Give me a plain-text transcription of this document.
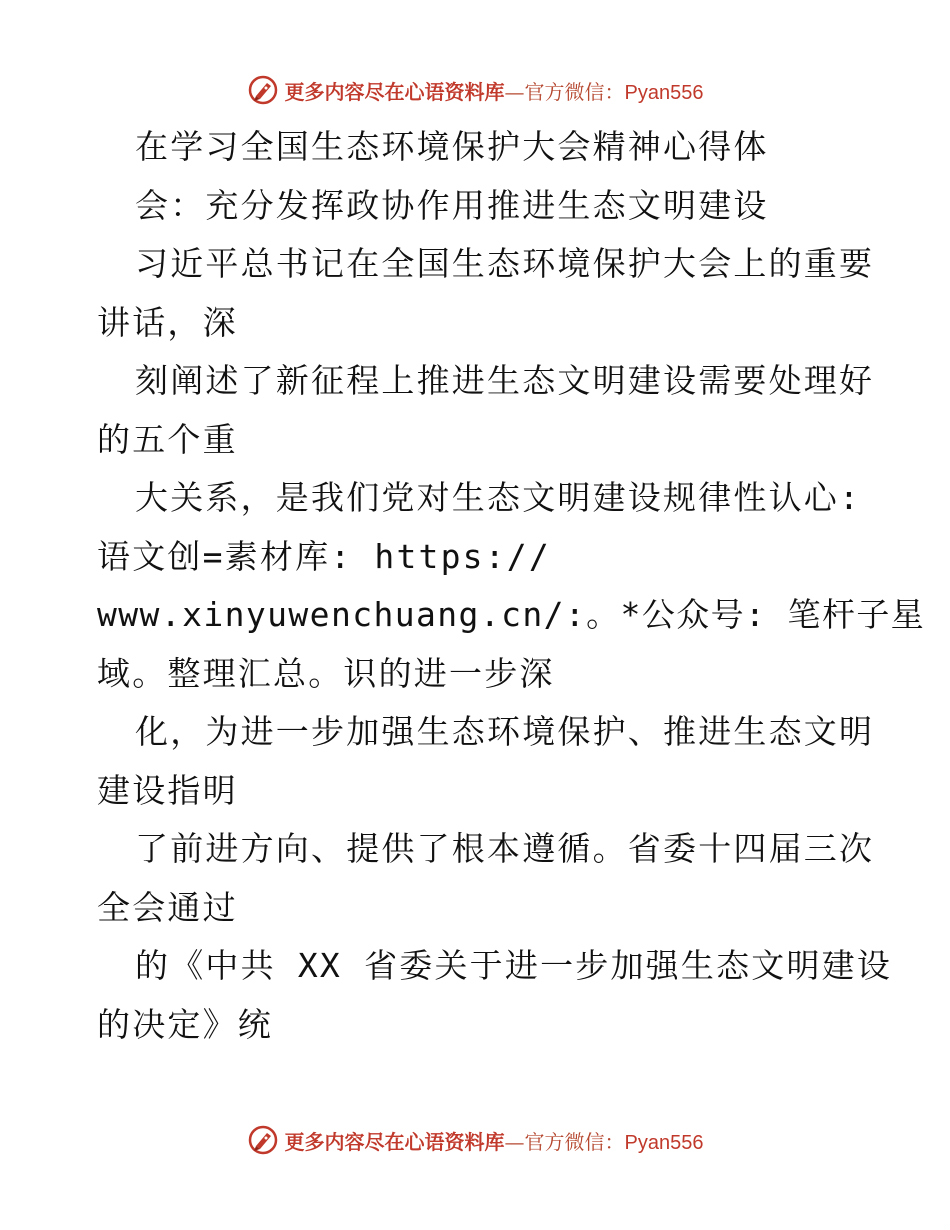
更多内容尽在心语资料库—官方微信：Pyan556
在学习全国生态环境保护大会精神心得体
会：充分发挥政协作用推进生态文明建设
习近平总书记在全国生态环境保护大会上的重要
讲话，深
刻阐述了新征程上推进生态文明建设需要处理好
的五个重
大关系，是我们党对生态文明建设规律性认心:
语文创=素材库: https://
www.xinyuwenchuang.cn/:。*公众号: 笔杆子星
域。整理汇总。识的进一步深
化，为进一步加强生态环境保护、推进生态文明
建设指明
了前进方向、提供了根本遵循。省委十四届三次
全会通过
的《中共 XX 省委关于进一步加强生态文明建设
的决定》统
更多内容尽在心语资料库—官方微信：Pyan556
